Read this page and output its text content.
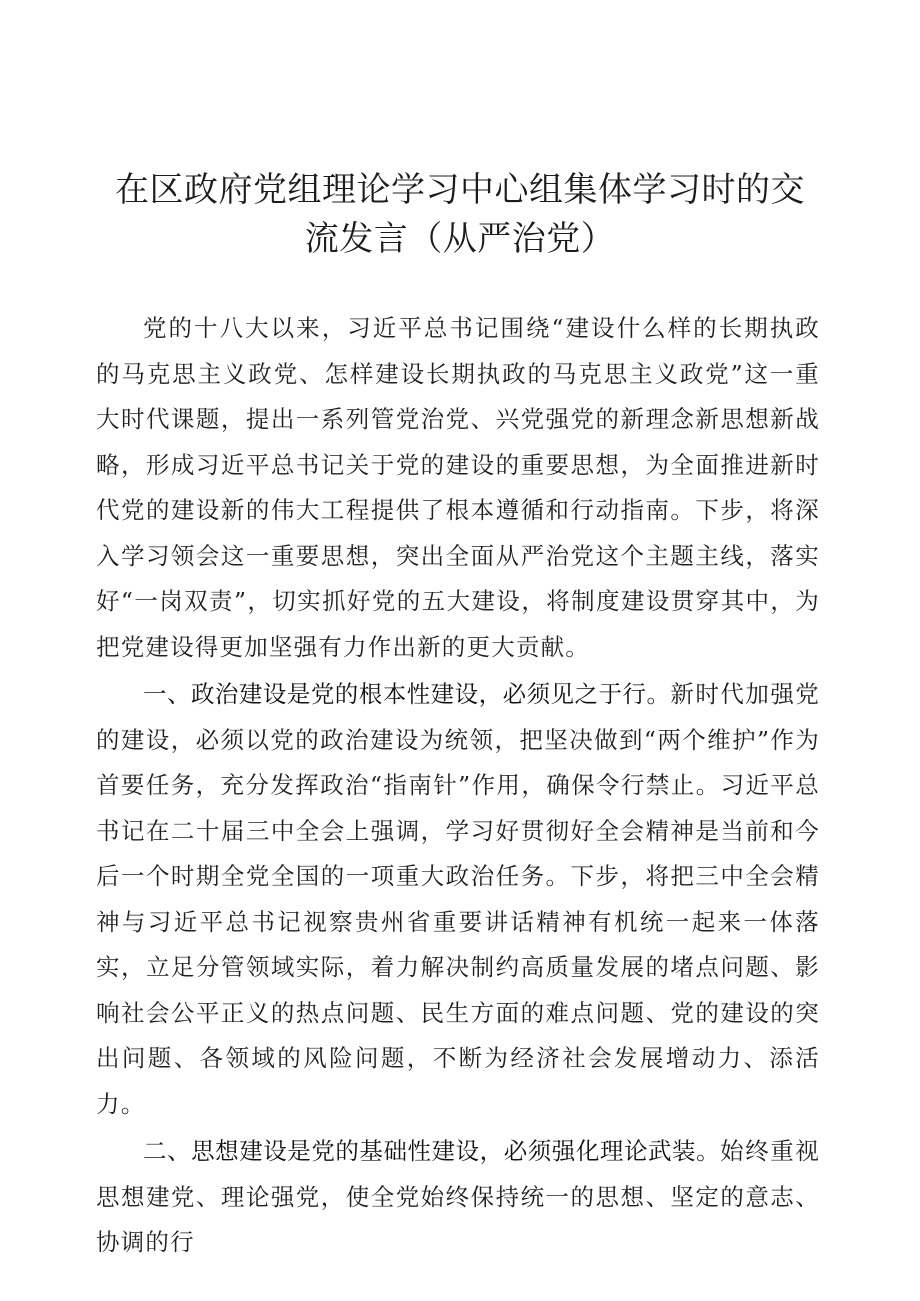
在区政府党组理论学习中心组集体学习时的交
流发言（从严治党）

党的十八大以来，习近平总书记围绕“建设什么样的长期执政的马克思主义政党、怎样建设长期执政的马克思主义政党”这一重大时代课题，提出一系列管党治党、兴党强党的新理念新思想新战略，形成习近平总书记关于党的建设的重要思想，为全面推进新时代党的建设新的伟大工程提供了根本遵循和行动指南。下步，将深入学习领会这一重要思想，突出全面从严治党这个主题主线，落实好“一岗双责”，切实抓好党的五大建设，将制度建设贯穿其中，为把党建设得更加坚强有力作出新的更大贡献。

一、政治建设是党的根本性建设，必须见之于行。新时代加强党的建设，必须以党的政治建设为统领，把坚决做到“两个维护”作为首要任务，充分发挥政治“指南针”作用，确保令行禁止。习近平总书记在二十届三中全会上强调，学习好贯彻好全会精神是当前和今后一个时期全党全国的一项重大政治任务。下步，将把三中全会精神与习近平总书记视察贵州省重要讲话精神有机统一起来一体落实，立足分管领域实际，着力解决制约高质量发展的堵点问题、影响社会公平正义的热点问题、民生方面的难点问题、党的建设的突出问题、各领域的风险问题，不断为经济社会发展增动力、添活力。

二、思想建设是党的基础性建设，必须强化理论武装。始终重视思想建党、理论强党，使全党始终保持统一的思想、坚定的意志、协调的行
